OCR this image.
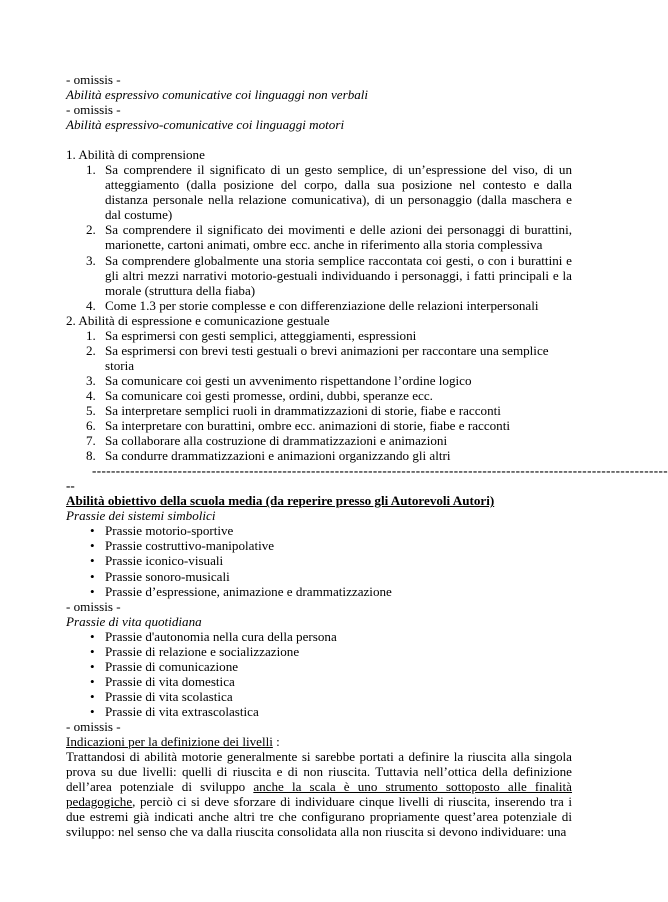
- omissis -
Abilità espressivo comunicative coi linguaggi non verbali
- omissis -
Abilità espressivo-comunicative coi linguaggi motori
1. Abilità di comprensione
1. Sa comprendere il significato di un gesto semplice, di un’espressione del viso, di un atteggiamento (dalla posizione del corpo, dalla sua posizione nel contesto e dalla distanza personale nella relazione comunicativa), di un personaggio (dalla maschera e dal costume)
2. Sa comprendere il significato dei movimenti e delle azioni dei personaggi di burattini, marionette, cartoni animati, ombre ecc. anche in riferimento alla storia complessiva
3. Sa comprendere globalmente una storia semplice raccontata coi gesti, o con i burattini e gli altri mezzi narrativi motorio-gestuali individuando i personaggi, i fatti principali e la morale (struttura della fiaba)
4. Come 1.3 per storie complesse e con differenziazione delle relazioni interpersonali
2. Abilità di espressione e comunicazione gestuale
1. Sa esprimersi con gesti semplici, atteggiamenti, espressioni
2. Sa esprimersi con brevi testi gestuali o brevi animazioni per raccontare una semplice storia
3. Sa comunicare coi gesti un avvenimento rispettandone l’ordine logico
4. Sa comunicare coi gesti promesse, ordini, dubbi, speranze ecc.
5. Sa interpretare semplici ruoli in drammatizzazioni di storie, fiabe e racconti
6. Sa interpretare con burattini, ombre ecc. animazioni di storie, fiabe e racconti
7. Sa collaborare alla costruzione di drammatizzazioni e animazioni
8. Sa condurre drammatizzazioni e animazioni organizzando gli altri
-------------------------------------------------------------------------------------------------------------------------
--
Abilità obiettivo della scuola media (da reperire presso gli Autorevoli Autori)
Prassie dei sistemi simbolici
• Prassie motorio-sportive
• Prassie costruttivo-manipolative
• Prassie iconico-visuali
• Prassie sonoro-musicali
• Prassie d’espressione, animazione e drammatizzazione
- omissis -
Prassie di vita quotidiana
• Prassie d'autonomia nella cura della persona
• Prassie di relazione e socializzazione
• Prassie di comunicazione
• Prassie di vita domestica
• Prassie di vita scolastica
• Prassie di vita extrascolastica
- omissis -
Indicazioni per la definizione dei livelli :
Trattandosi di abilità motorie generalmente si sarebbe portati a definire la riuscita alla singola prova su due livelli: quelli di riuscita e di non riuscita. Tuttavia nell’ottica della definizione dell’area potenziale di sviluppo anche la scala è uno strumento sottoposto alle finalità pedagogiche, perciò ci si deve sforzare di individuare cinque livelli di riuscita, inserendo tra i due estremi già indicati anche altri tre che configurano propriamente quest’area potenziale di sviluppo: nel senso che va dalla riuscita consolidata alla non riuscita si devono individuare: una
